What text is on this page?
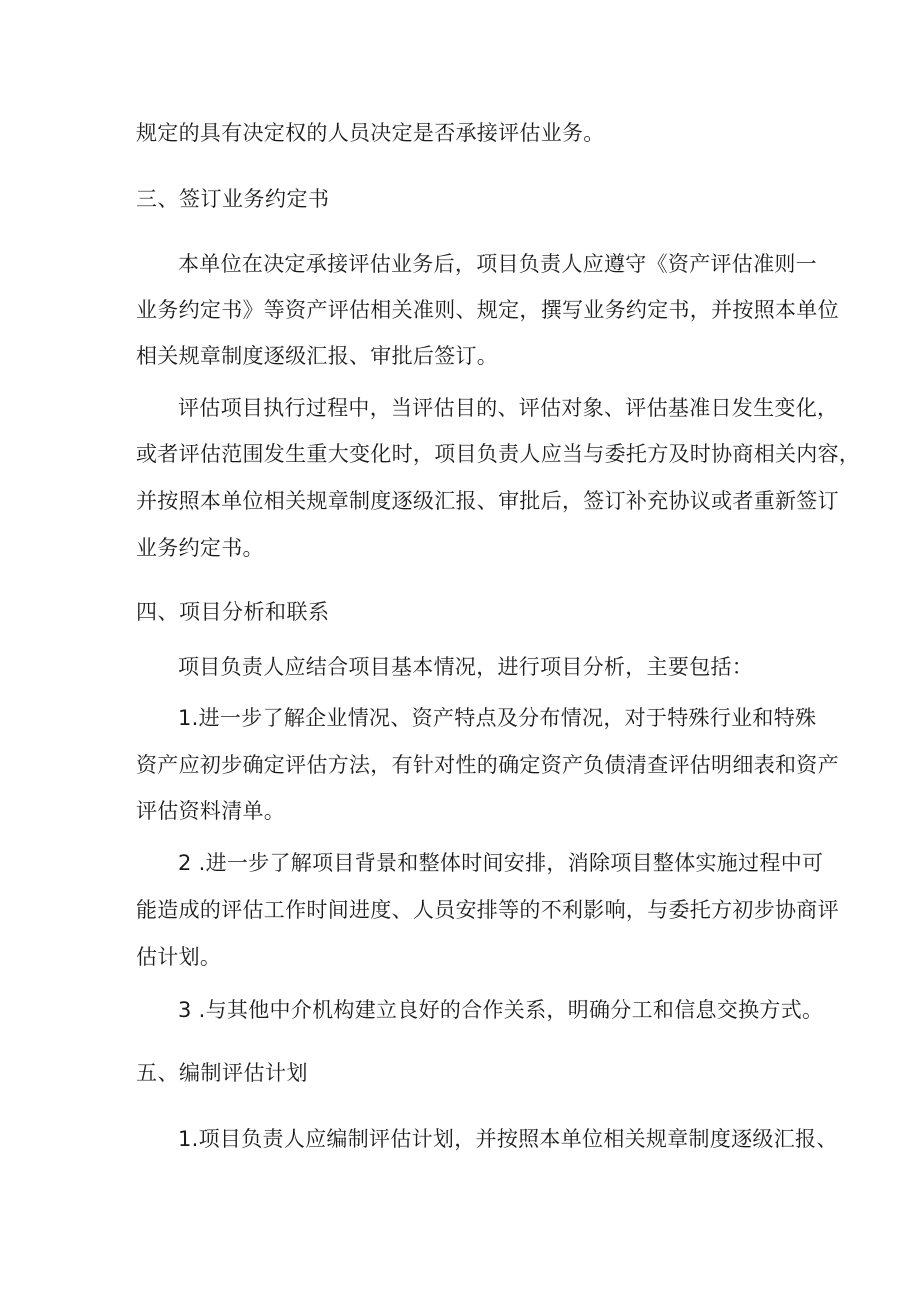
规定的具有决定权的人员决定是否承接评估业务。
三、签订业务约定书
本单位在决定承接评估业务后，项目负责人应遵守《资产评估准则一
业务约定书》等资产评估相关准则、规定，撰写业务约定书，并按照本单位
相关规章制度逐级汇报、审批后签订。
评估项目执行过程中，当评估目的、评估对象、评估基准日发生变化，
或者评估范围发生重大变化时，项目负责人应当与委托方及时协商相关内容，
并按照本单位相关规章制度逐级汇报、审批后，签订补充协议或者重新签订
业务约定书。
四、项目分析和联系
项目负责人应结合项目基本情况，进行项目分析，主要包括：
1.进一步了解企业情况、资产特点及分布情况，对于特殊行业和特殊
资产应初步确定评估方法，有针对性的确定资产负债清查评估明细表和资产
评估资料清单。
2 .进一步了解项目背景和整体时间安排，消除项目整体实施过程中可
能造成的评估工作时间进度、人员安排等的不利影响，与委托方初步协商评
估计划。
3 .与其他中介机构建立良好的合作关系，明确分工和信息交换方式。
五、编制评估计划
1.项目负责人应编制评估计划，并按照本单位相关规章制度逐级汇报、
